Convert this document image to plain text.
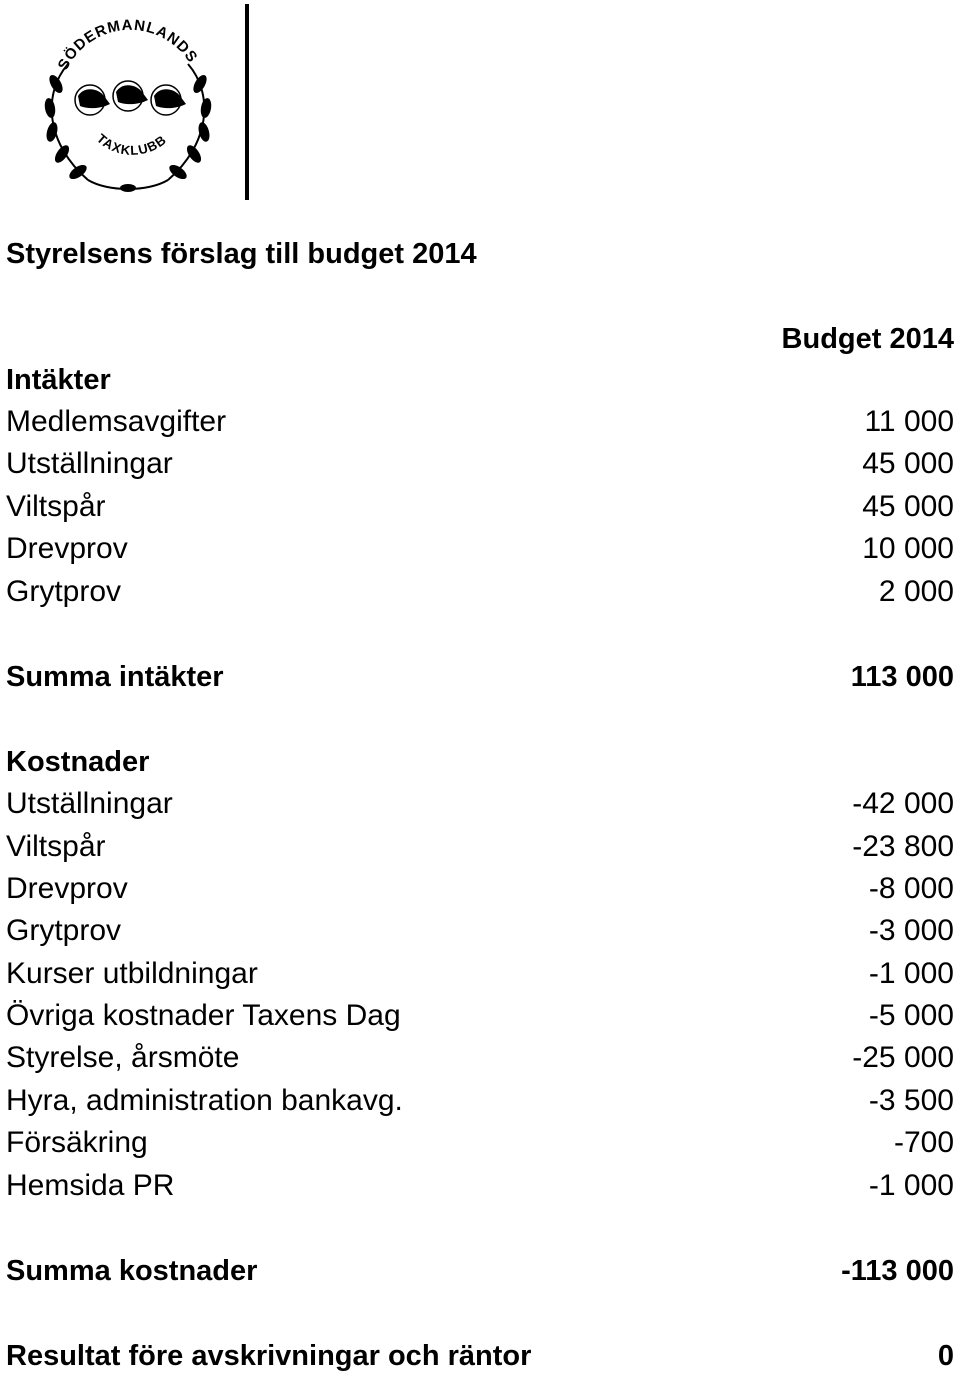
SÖDERMANLANDS
TAXKLUBB
Styrelsens förslag till budget 2014
Budget 2014
Intäkter
Medlemsavgifter	11 000
Utställningar	45 000
Viltspår	45 000
Drevprov	10 000
Grytprov	2 000
Summa intäkter	113 000
Kostnader
Utställningar	-42 000
Viltspår	-23 800
Drevprov	-8 000
Grytprov	-3 000
Kurser utbildningar	-1 000
Övriga kostnader Taxens Dag	-5 000
Styrelse, årsmöte	-25 000
Hyra, administration bankavg.	-3 500
Försäkring	-700
Hemsida PR	-1 000
Summa kostnader	-113 000
Resultat före avskrivningar och räntor	0
